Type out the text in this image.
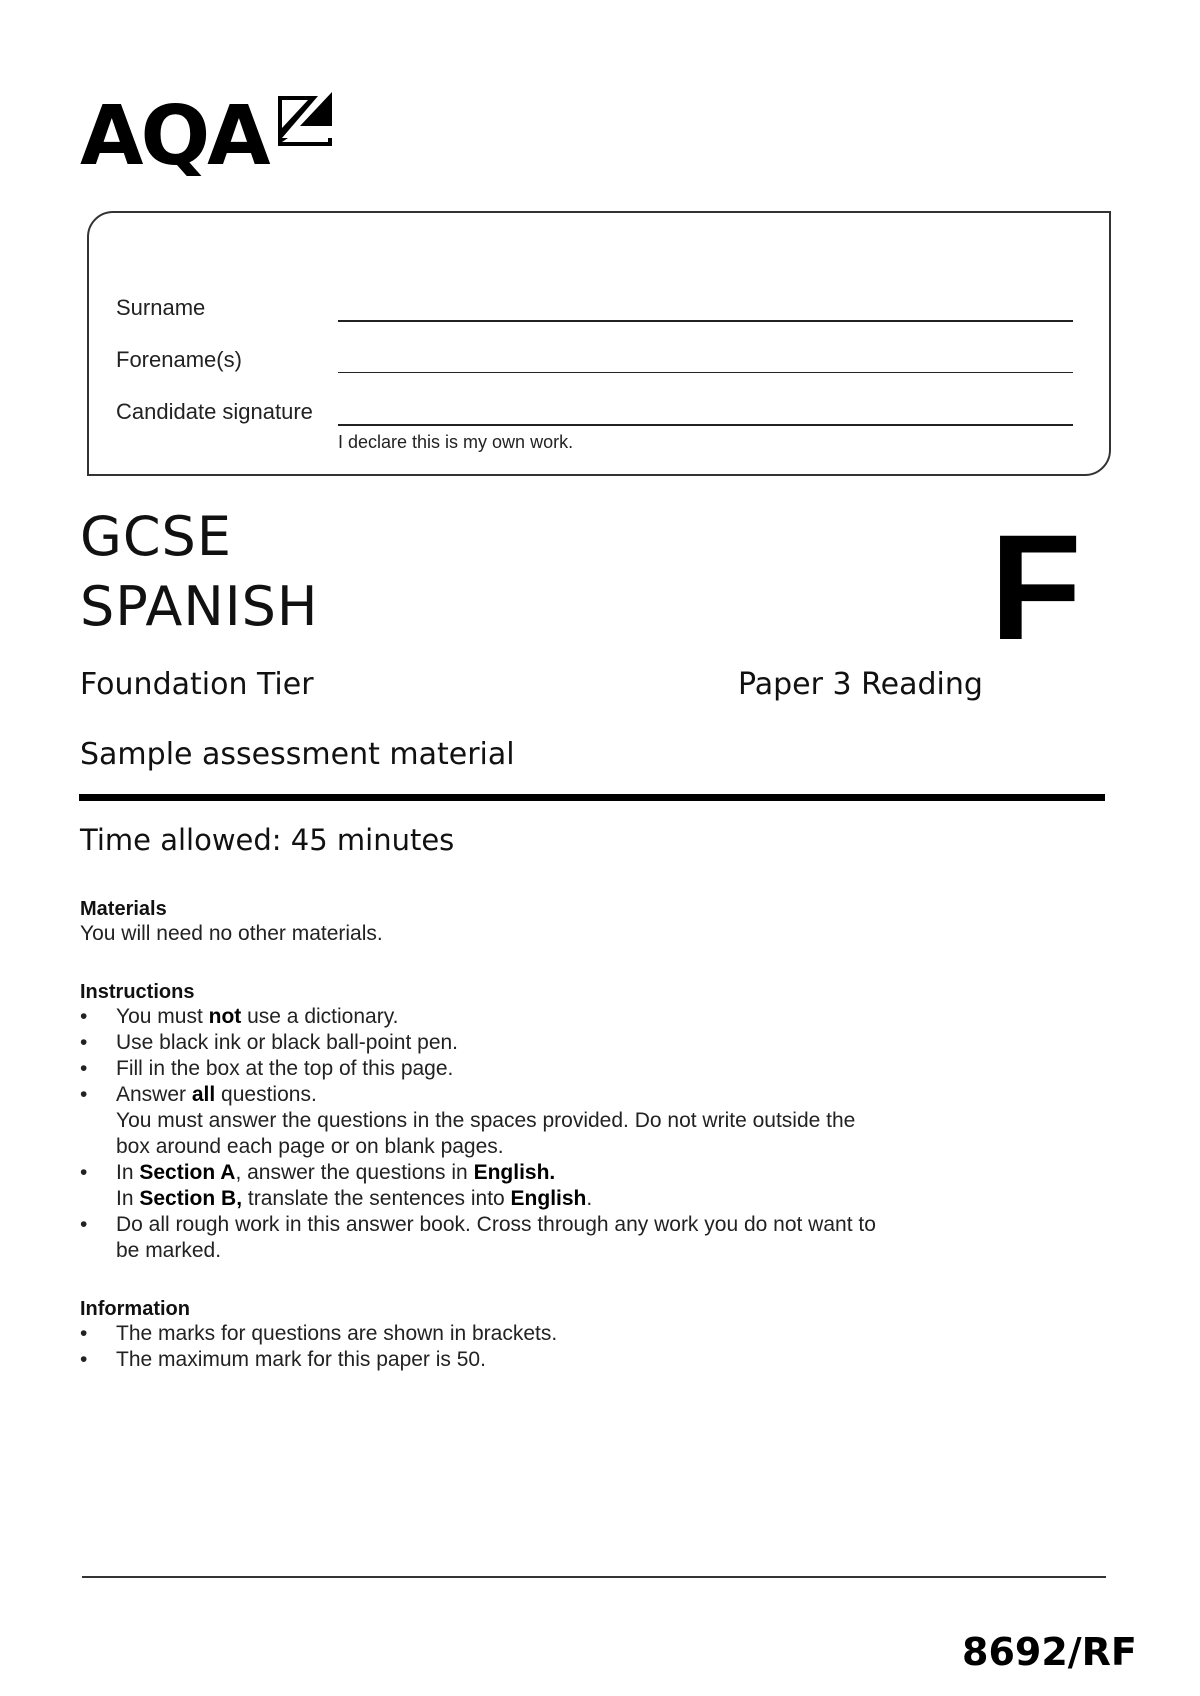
AQA
Surname
Forename(s)
Candidate signature
I declare this is my own work.
GCSE
SPANISH	F
Foundation Tier	Paper 3 Reading
Sample assessment material
Time allowed: 45 minutes
Materials
You will need no other materials.
Instructions
• You must not use a dictionary.
• Use black ink or black ball-point pen.
• Fill in the box at the top of this page.
• Answer all questions.
You must answer the questions in the spaces provided. Do not write outside the box around each page or on blank pages.
• In Section A, answer the questions in English.
In Section B, translate the sentences into English.
• Do all rough work in this answer book. Cross through any work you do not want to be marked.
Information
• The marks for questions are shown in brackets.
• The maximum mark for this paper is 50.
8692/RF
